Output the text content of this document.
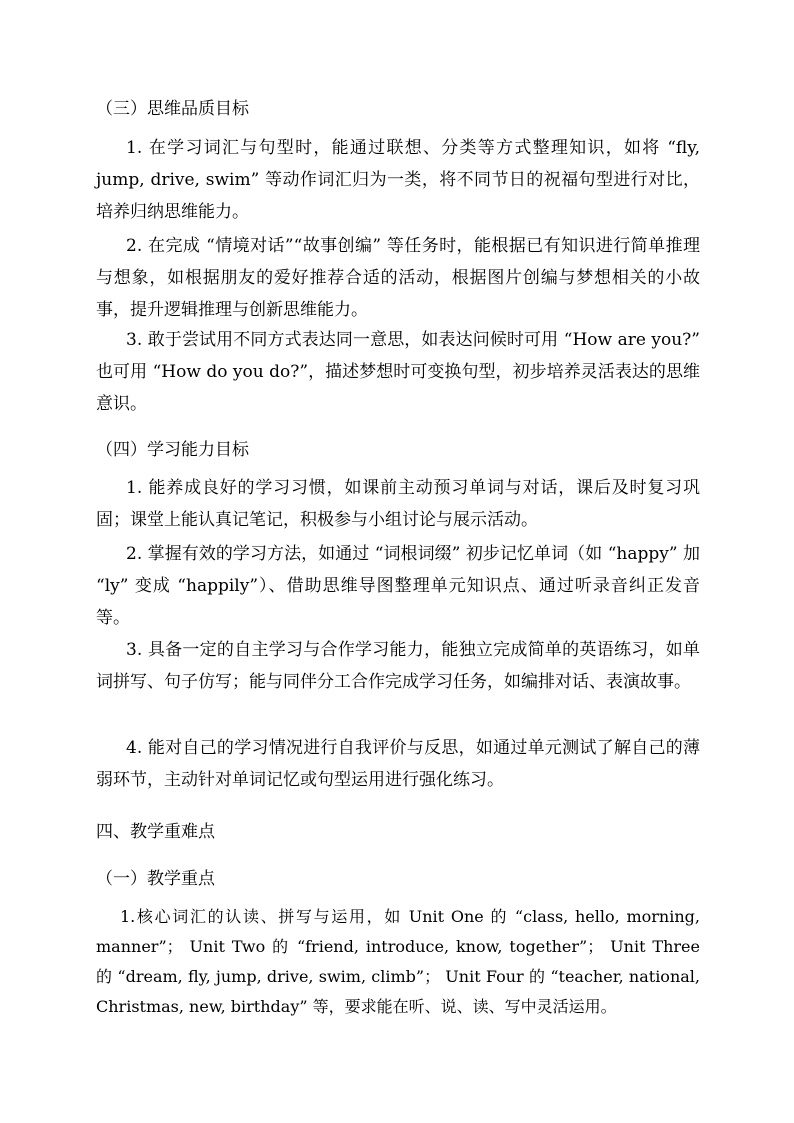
（三）思维品质目标

1. 在学习词汇与句型时，能通过联想、分类等方式整理知识，如将 “fly, jump, drive, swim” 等动作词汇归为一类，将不同节日的祝福句型进行对比，培养归纳思维能力。

2. 在完成 “情境对话”“故事创编” 等任务时，能根据已有知识进行简单推理与想象，如根据朋友的爱好推荐合适的活动，根据图片创编与梦想相关的小故事，提升逻辑推理与创新思维能力。

3. 敢于尝试用不同方式表达同一意思，如表达问候时可用 “How are you?” 也可用 “How do you do?”，描述梦想时可变换句型，初步培养灵活表达的思维意识。

（四）学习能力目标

1. 能养成良好的学习习惯，如课前主动预习单词与对话，课后及时复习巩固；课堂上能认真记笔记，积极参与小组讨论与展示活动。

2. 掌握有效的学习方法，如通过 “词根词缀” 初步记忆单词（如 “happy” 加 “ly” 变成 “happily”）、借助思维导图整理单元知识点、通过听录音纠正发音等。

3. 具备一定的自主学习与合作学习能力，能独立完成简单的英语练习，如单词拼写、句子仿写；能与同伴分工合作完成学习任务，如编排对话、表演故事。

4. 能对自己的学习情况进行自我评价与反思，如通过单元测试了解自己的薄弱环节，主动针对单词记忆或句型运用进行强化练习。

四、教学重难点
（一）教学重点

1.核心词汇的认读、拼写与运用，如 Unit One 的 “class, hello, morning, manner”； Unit Two 的 “friend, introduce, know, together”； Unit Three 的 “dream, fly, jump, drive, swim, climb”； Unit Four 的 “teacher, national, Christmas, new, birthday” 等，要求能在听、说、读、写中灵活运用。
